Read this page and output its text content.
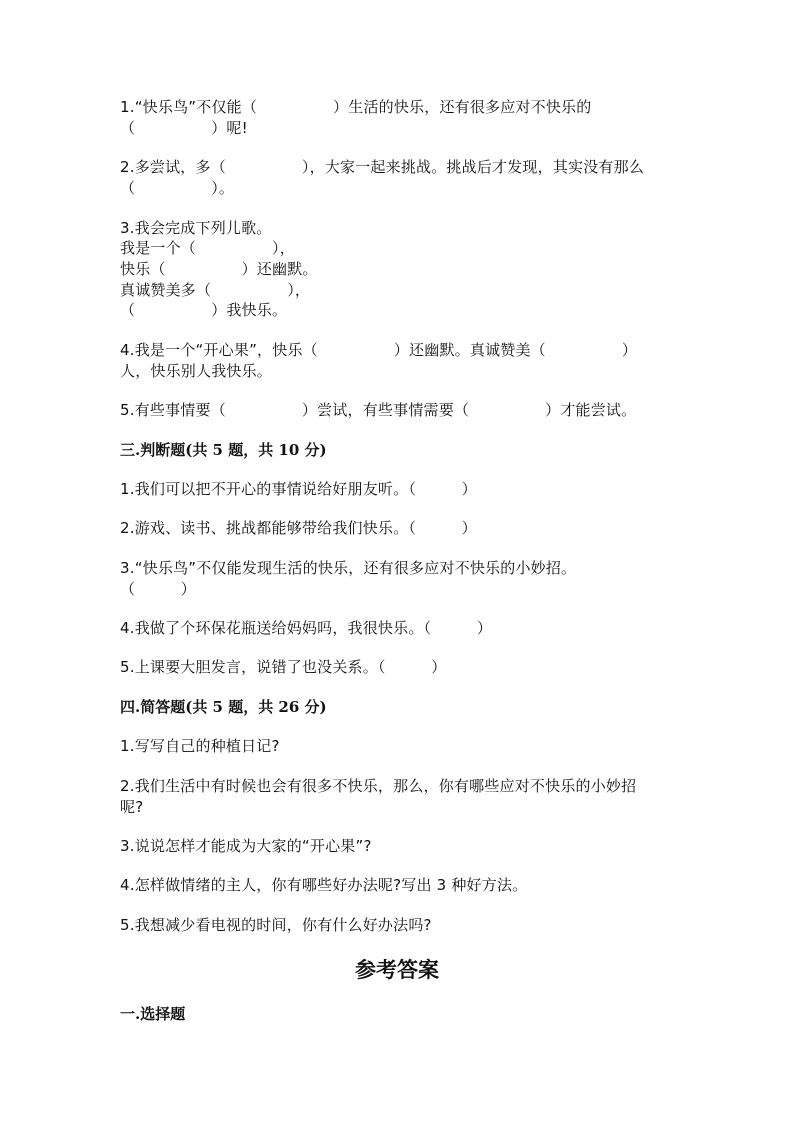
1.“快乐鸟”不仅能（　　　　　）生活的快乐，还有很多应对不快乐的
（　　　　　）呢!
2.多尝试，多（　　　　　），大家一起来挑战。挑战后才发现，其实没有那么
（　　　　　）。
3.我会完成下列儿歌。
我是一个（　　　　　），
快乐（　　　　　）还幽默。
真诚赞美多（　　　　　），
（　　　　　）我快乐。
4.我是一个“开心果”，快乐（　　　　　）还幽默。真诚赞美（　　　　　）
人，快乐别人我快乐。
5.有些事情要（　　　　　）尝试，有些事情需要（　　　　　）才能尝试。
三.判断题(共 5 题，共 10 分)
1.我们可以把不开心的事情说给好朋友听。（　　　）
2.游戏、读书、挑战都能够带给我们快乐。（　　　）
3.“快乐鸟”不仅能发现生活的快乐，还有很多应对不快乐的小妙招。
（　　　）
4.我做了个环保花瓶送给妈妈吗，我很快乐。（　　　）
5.上课要大胆发言，说错了也没关系。（　　　）
四.简答题(共 5 题，共 26 分)
1.写写自己的种植日记?
2.我们生活中有时候也会有很多不快乐，那么，你有哪些应对不快乐的小妙招
呢?
3.说说怎样才能成为大家的“开心果”?
4.怎样做情绪的主人，你有哪些好办法呢?写出 3 种好方法。
5.我想减少看电视的时间，你有什么好办法吗?
参考答案
一.选择题
